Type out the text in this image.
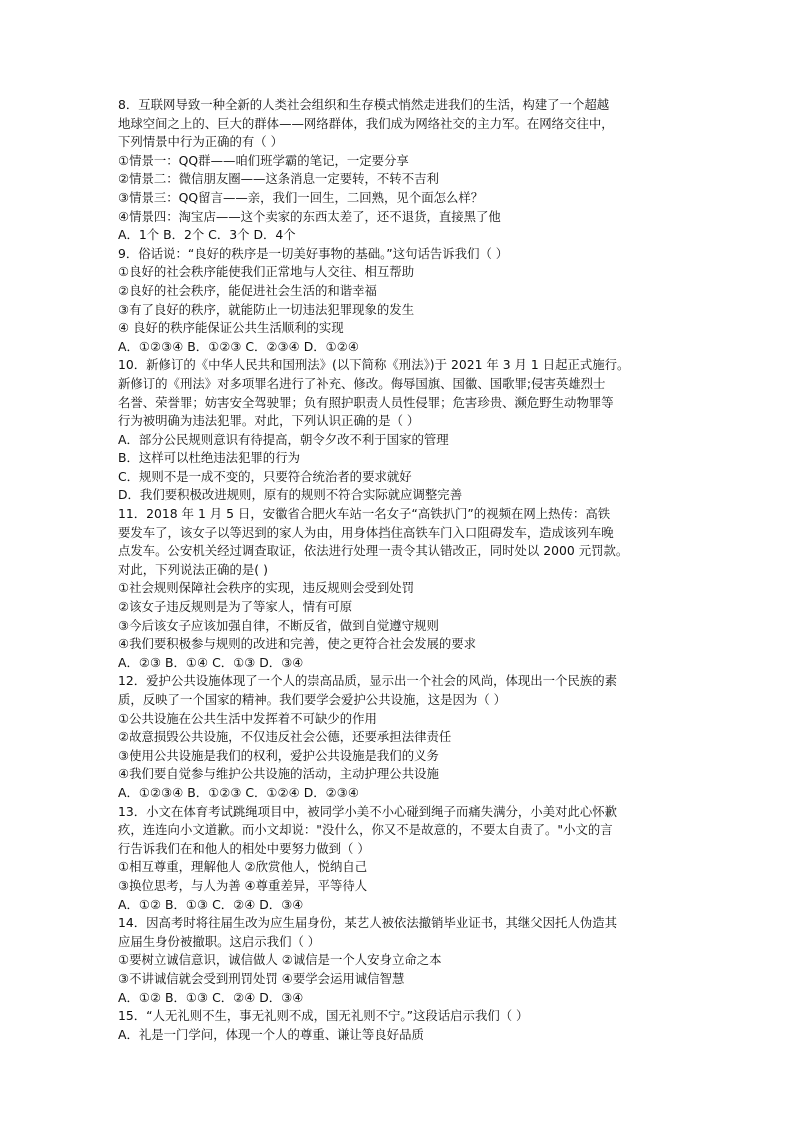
8．互联网导致一种全新的人类社会组织和生存模式悄然走进我们的生活，构建了一个超越
地球空间之上的、巨大的群体——网络群体，我们成为网络社交的主力军。在网络交往中，
下列情景中行为正确的有（ ）
①情景一：QQ群——咱们班学霸的笔记，一定要分享
②情景二：微信朋友圈——这条消息一定要转，不转不吉利
③情景三：QQ留言——亲，我们一回生，二回熟，见个面怎么样？
④情景四：淘宝店——这个卖家的东西太差了，还不退货，直接黑了他
A．1个 B．2个 C．3个 D．4个
9．俗话说：“良好的秩序是一切美好事物的基础。”这句话告诉我们（ ）
①良好的社会秩序能使我们正常地与人交往、相互帮助
②良好的社会秩序，能促进社会生活的和谐幸福
③有了良好的秩序，就能防止一切违法犯罪现象的发生
④ 良好的秩序能保证公共生活顺利的实现
A．①②③④ B．①②③ C．②③④ D．①②④
10．新修订的《中华人民共和国刑法》(以下简称《刑法》)于 2021 年 3 月 1 日起正式施行。
新修订的《刑法》对多项罪名进行了补充、修改。侮辱国旗、国徽、国歌罪;侵害英雄烈士
名誉、荣誉罪；妨害安全驾驶罪；负有照护职责人员性侵罪；危害珍贵、濒危野生动物罪等
行为被明确为违法犯罪。对此，下列认识正确的是（ ）
A．部分公民规则意识有待提高，朝令夕改不利于国家的管理
B．这样可以杜绝违法犯罪的行为
C．规则不是一成不变的，只要符合统治者的要求就好
D．我们要积极改进规则，原有的规则不符合实际就应调整完善
11．2018 年 1 月 5 日，安徽省合肥火车站一名女子“高铁扒门”的视频在网上热传：高铁
要发车了，该女子以等迟到的家人为由，用身体挡住高铁车门入口阻碍发车，造成该列车晚
点发车。公安机关经过调查取证，依法进行处理一责令其认错改正，同时处以 2000 元罚款。
对此，下列说法正确的是( )
①社会规则保障社会秩序的实现，违反规则会受到处罚
②该女子违反规则是为了等家人，情有可原
③今后该女子应该加强自律，不断反省，做到自觉遵守规则
④我们要积极参与规则的改进和完善，使之更符合社会发展的要求
A．②③ B．①④ C．①③ D．③④
12．爱护公共设施体现了一个人的崇高品质，显示出一个社会的风尚，体现出一个民族的素
质，反映了一个国家的精神。我们要学会爱护公共设施，这是因为（ ）
①公共设施在公共生活中发挥着不可缺少的作用
②故意损毁公共设施，不仅违反社会公德，还要承担法律责任
③使用公共设施是我们的权利，爱护公共设施是我们的义务
④我们要自觉参与维护公共设施的活动，主动护理公共设施
A．①②③④ B．①②③ C．①②④ D．②③④
13．小文在体育考试跳绳项目中，被同学小美不小心碰到绳子而痛失满分，小美对此心怀歉
疚，连连向小文道歉。而小文却说："没什么，你又不是故意的，不要太自责了。"小文的言
行告诉我们在和他人的相处中要努力做到（ ）
①相互尊重，理解他人 ②欣赏他人，悦纳自己
③换位思考，与人为善 ④尊重差异，平等待人
A．①② B．①③ C．②④ D．③④
14．因高考时将往届生改为应生届身份，某艺人被依法撤销毕业证书，其继父因托人伪造其
应届生身份被撤职。这启示我们（ ）
①要树立诚信意识，诚信做人 ②诚信是一个人安身立命之本
③不讲诚信就会受到刑罚处罚 ④要学会运用诚信智慧
A．①② B．①③ C．②④ D．③④
15．“人无礼则不生，事无礼则不成，国无礼则不宁。”这段话启示我们（ ）
A．礼是一门学问，体现一个人的尊重、谦让等良好品质
